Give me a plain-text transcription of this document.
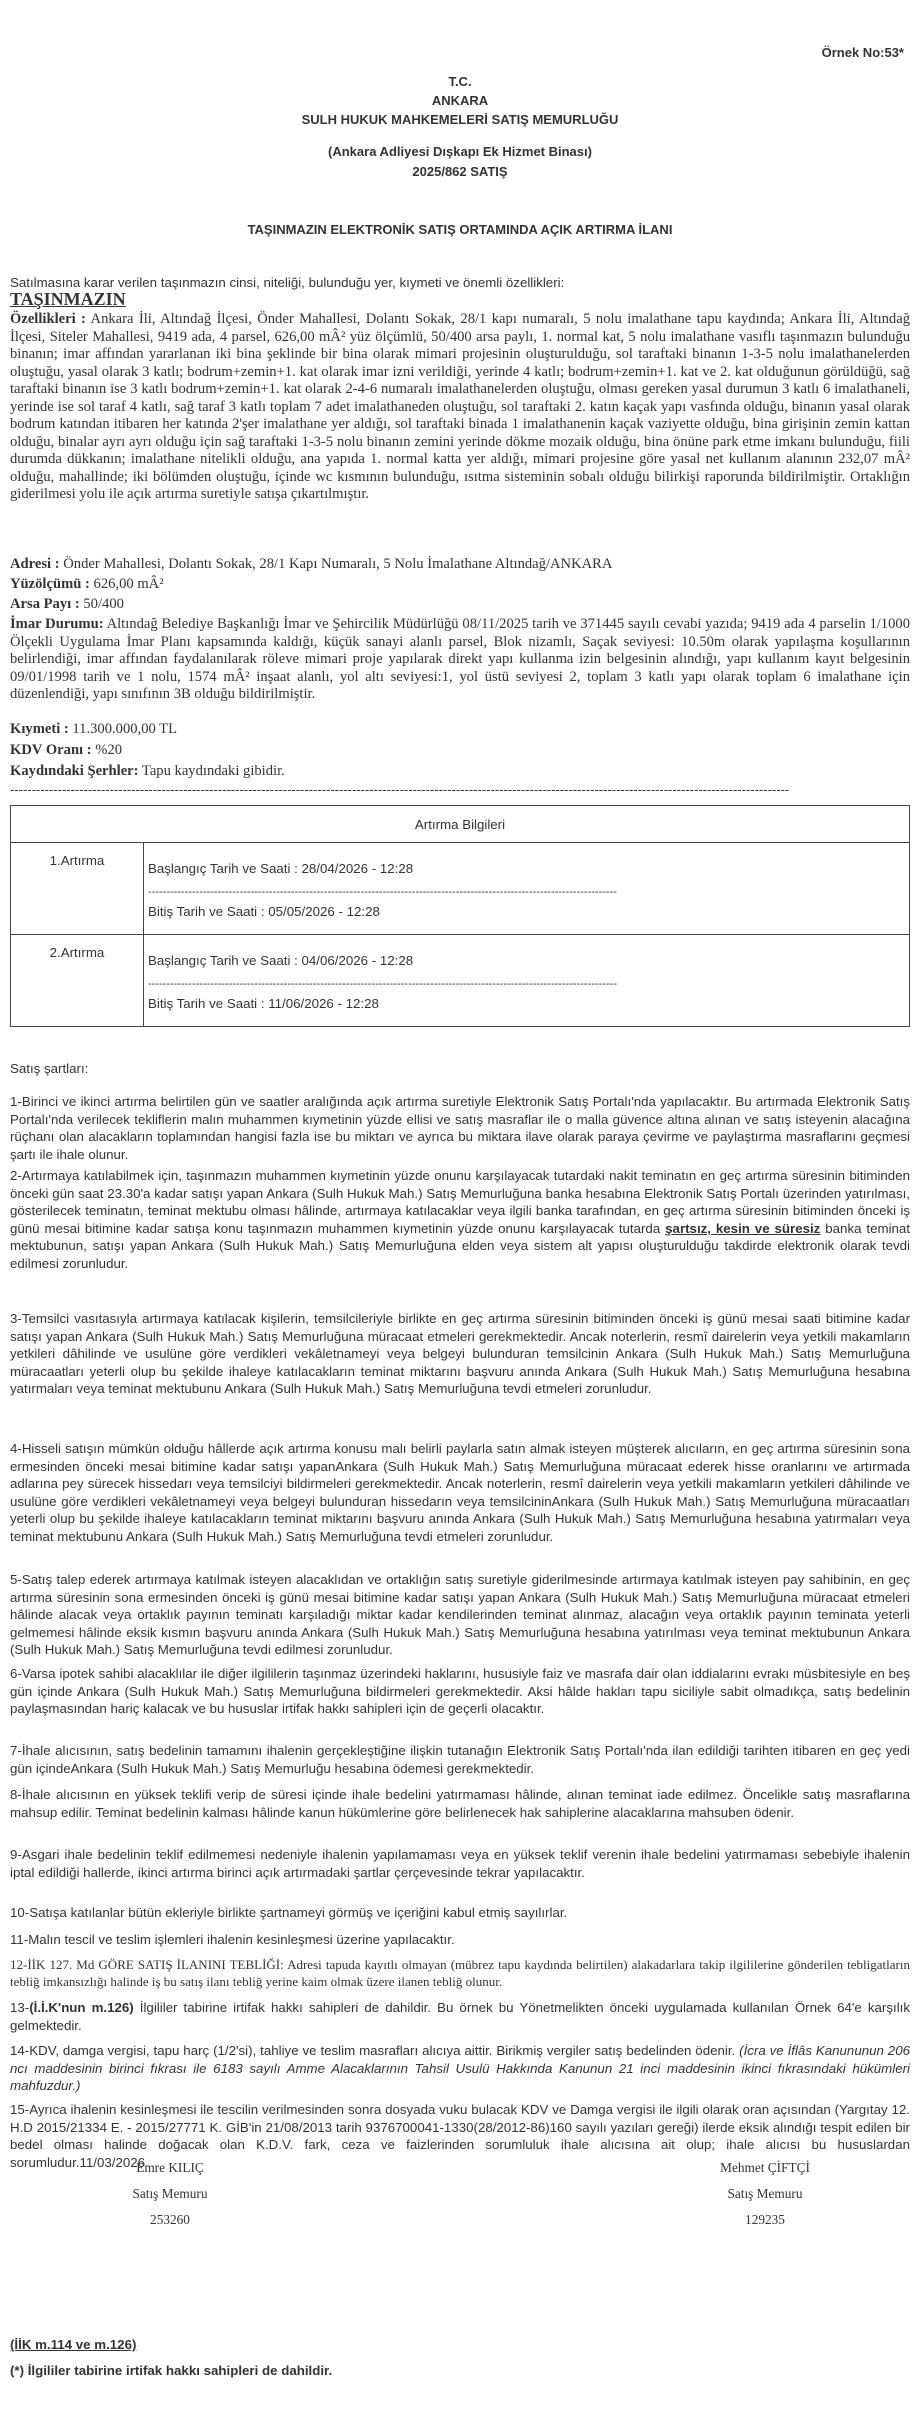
Örnek No:53*
T.C.
ANKARA
SULH HUKUK MAHKEMELERİ SATIŞ MEMURLUĞU
(Ankara Adliyesi Dışkapı Ek Hizmet Binası)
2025/862 SATIŞ
TAŞINMAZIN ELEKTRONİK SATIŞ ORTAMINDA AÇIK ARTIRMA İLANI
Satılmasına karar verilen taşınmazın cinsi, niteliği, bulunduğu yer, kıymeti ve önemli özellikleri:
TAŞINMAZIN
Özellikleri : Ankara İli, Altındağ İlçesi, Önder Mahallesi, Dolantı Sokak, 28/1 kapı numaralı, 5 nolu imalathane tapu kaydında; Ankara İli, Altındağ İlçesi, Siteler Mahallesi, 9419 ada, 4 parsel, 626,00 mÂ² yüz ölçümlü, 50/400 arsa paylı, 1. normal kat, 5 nolu imalathane vasıflı taşınmazın bulunduğu binanın; imar affından yararlanan iki bina şeklinde bir bina olarak mimari projesinin oluşturulduğu, sol taraftaki binanın 1-3-5 nolu imalathanelerden oluştuğu, yasal olarak 3 katlı; bodrum+zemin+1. kat olarak imar izni verildiği, yerinde 4 katlı; bodrum+zemin+1. kat ve 2. kat olduğunun görüldüğü, sağ taraftaki binanın ise 3 katlı bodrum+zemin+1. kat olarak 2-4-6 numaralı imalathanelerden oluştuğu, olması gereken yasal durumun 3 katlı 6 imalathaneli, yerinde ise sol taraf 4 katlı, sağ taraf 3 katlı toplam 7 adet imalathaneden oluştuğu, sol taraftaki 2. katın kaçak yapı vasfında olduğu, binanın yasal olarak bodrum katından itibaren her katında 2'şer imalathane yer aldığı, sol taraftaki binada 1 imalathanenin kaçak vaziyette olduğu, bina girişinin zemin kattan olduğu, binalar ayrı ayrı olduğu için sağ taraftaki 1-3-5 nolu binanın zemini yerinde dökme mozaik olduğu, bina önüne park etme imkanı bulunduğu, fiili durumda dükkanın; imalathane nitelikli olduğu, ana yapıda 1. normal katta yer aldığı, mimari projesine göre yasal net kullanım alanının 232,07 mÂ² olduğu, mahallinde; iki bölümden oluştuğu, içinde wc kısmının bulunduğu, ısıtma sisteminin sobalı olduğu bilirkişi raporunda bildirilmiştir. Ortaklığın giderilmesi yolu ile açık artırma suretiyle satışa çıkartılmıştır.
Adresi : Önder Mahallesi, Dolantı Sokak, 28/1 Kapı Numaralı, 5 Nolu İmalathane Altındağ/ANKARA
Yüzölçümü : 626,00 mÂ²
Arsa Payı : 50/400
İmar Durumu: Altındağ Belediye Başkanlığı İmar ve Şehircilik Müdürlüğü 08/11/2025 tarih ve 371445 sayılı cevabi yazıda; 9419 ada 4 parselin 1/1000 Ölçekli Uygulama İmar Planı kapsamında kaldığı, küçük sanayi alanlı parsel, Blok nizamlı, Saçak seviyesi: 10.50m olarak yapılaşma koşullarının belirlendiği, imar affından faydalanılarak röleve mimari proje yapılarak direkt yapı kullanma izin belgesinin alındığı, yapı kullanım kayıt belgesinin 09/01/1998 tarih ve 1 nolu, 1574 mÂ² inşaat alanlı, yol altı seviyesi:1, yol üstü seviyesi 2, toplam 3 katlı yapı olarak toplam 6 imalathane için düzenlendiği, yapı sınıfının 3B olduğu bildirilmiştir.
Kıymeti : 11.300.000,00 TL
KDV Oranı : %20
Kaydındaki Şerhler: Tapu kaydındaki gibidir.
------------------------------------------------------------------------------------------------------------------------------------------------------------------------------------
Artırma Bilgileri	
1.Artırma	Başlangıç Tarih ve Saati : 28/04/2026 - 12:28
--------------------------------------------------------------------------------------------------------------------------------
Bitiş Tarih ve Saati : 05/05/2026 - 12:28

2.Artırma	Başlangıç Tarih ve Saati : 04/06/2026 - 12:28
--------------------------------------------------------------------------------------------------------------------------------
Bitiş Tarih ve Saati : 11/06/2026 - 12:28
Satış şartları:
1-Birinci ve ikinci artırma belirtilen gün ve saatler aralığında açık artırma suretiyle Elektronik Satış Portalı'nda yapılacaktır. Bu artırmada Elektronik Satış Portalı'nda verilecek tekliflerin malın muhammen kıymetinin yüzde ellisi ve satış masraflar ile o malla güvence altına alınan ve satış isteyenin alacağına rüçhanı olan alacakların toplamından hangisi fazla ise bu miktarı ve ayrıca bu miktara ilave olarak paraya çevirme ve paylaştırma masraflarını geçmesi şartı ile ihale olunur.
2-Artırmaya katılabilmek için, taşınmazın muhammen kıymetinin yüzde onunu karşılayacak tutardaki nakit teminatın en geç artırma süresinin bitiminden önceki gün saat 23.30'a kadar satışı yapan Ankara (Sulh Hukuk Mah.) Satış Memurluğuna banka hesabına Elektronik Satış Portalı üzerinden yatırılması, gösterilecek teminatın, teminat mektubu olması hâlinde, artırmaya katılacaklar veya ilgili banka tarafından, en geç artırma süresinin bitiminden önceki iş günü mesai bitimine kadar satışa konu taşınmazın muhammen kıymetinin yüzde onunu karşılayacak tutarda şartsız, kesin ve süresiz banka teminat mektubunun, satışı yapan Ankara (Sulh Hukuk Mah.) Satış Memurluğuna elden veya sistem alt yapısı oluşturulduğu takdirde elektronik olarak tevdi edilmesi zorunludur.
3-Temsilci vasıtasıyla artırmaya katılacak kişilerin, temsilcileriyle birlikte en geç artırma süresinin bitiminden önceki iş günü mesai saati bitimine kadar satışı yapan Ankara (Sulh Hukuk Mah.) Satış Memurluğuna müracaat etmeleri gerekmektedir. Ancak noterlerin, resmî dairelerin veya yetkili makamların yetkileri dâhilinde ve usulüne göre verdikleri vekâletnameyi veya belgeyi bulunduran temsilcinin Ankara (Sulh Hukuk Mah.) Satış Memurluğuna müracaatları yeterli olup bu şekilde ihaleye katılacakların teminat miktarını başvuru anında Ankara (Sulh Hukuk Mah.) Satış Memurluğuna hesabına yatırmaları veya teminat mektubunu Ankara (Sulh Hukuk Mah.) Satış Memurluğuna tevdi etmeleri zorunludur.
4-Hisseli satışın mümkün olduğu hâllerde açık artırma konusu malı belirli paylarla satın almak isteyen müşterek alıcıların, en geç artırma süresinin sona ermesinden önceki mesai bitimine kadar satışı yapanAnkara (Sulh Hukuk Mah.) Satış Memurluğuna müracaat ederek hisse oranlarını ve artırmada adlarına pey sürecek hissedarı veya temsilciyi bildirmeleri gerekmektedir. Ancak noterlerin, resmî dairelerin veya yetkili makamların yetkileri dâhilinde ve usulüne göre verdikleri vekâletnameyi veya belgeyi bulunduran hissedarın veya temsilcininAnkara (Sulh Hukuk Mah.) Satış Memurluğuna müracaatları yeterli olup bu şekilde ihaleye katılacakların teminat miktarını başvuru anında Ankara (Sulh Hukuk Mah.) Satış Memurluğuna hesabına yatırmaları veya teminat mektubunu Ankara (Sulh Hukuk Mah.) Satış Memurluğuna tevdi etmeleri zorunludur.
5-Satış talep ederek artırmaya katılmak isteyen alacaklıdan ve ortaklığın satış suretiyle giderilmesinde artırmaya katılmak isteyen pay sahibinin, en geç artırma süresinin sona ermesinden önceki iş günü mesai bitimine kadar satışı yapan Ankara (Sulh Hukuk Mah.) Satış Memurluğuna müracaat etmeleri hâlinde alacak veya ortaklık payının teminatı karşıladığı miktar kadar kendilerinden teminat alınmaz, alacağın veya ortaklık payının teminata yeterli gelmemesi hâlinde eksik kısmın başvuru anında Ankara (Sulh Hukuk Mah.) Satış Memurluğuna hesabına yatırılması veya teminat mektubunun Ankara (Sulh Hukuk Mah.) Satış Memurluğuna tevdi edilmesi zorunludur.
6-Varsa ipotek sahibi alacaklılar ile diğer ilgililerin taşınmaz üzerindeki haklarını, hususiyle faiz ve masrafa dair olan iddialarını evrakı müsbitesiyle en beş gün içinde Ankara (Sulh Hukuk Mah.) Satış Memurluğuna bildirmeleri gerekmektedir. Aksi hâlde hakları tapu siciliyle sabit olmadıkça, satış bedelinin paylaşmasından hariç kalacak ve bu hususlar irtifak hakkı sahipleri için de geçerli olacaktır.
7-İhale alıcısının, satış bedelinin tamamını ihalenin gerçekleştiğine ilişkin tutanağın Elektronik Satış Portalı'nda ilan edildiği tarihten itibaren en geç yedi gün içindeAnkara (Sulh Hukuk Mah.) Satış Memurluğu hesabına ödemesi gerekmektedir.
8-İhale alıcısının en yüksek teklifi verip de süresi içinde ihale bedelini yatırmaması hâlinde, alınan teminat iade edilmez. Öncelikle satış masraflarına mahsup edilir. Teminat bedelinin kalması hâlinde kanun hükümlerine göre belirlenecek hak sahiplerine alacaklarına mahsuben ödenir.
9-Asgari ihale bedelinin teklif edilmemesi nedeniyle ihalenin yapılamaması veya en yüksek teklif verenin ihale bedelini yatırmaması sebebiyle ihalenin iptal edildiği hallerde, ikinci artırma birinci açık artırmadaki şartlar çerçevesinde tekrar yapılacaktır.
10-Satışa katılanlar bütün ekleriyle birlikte şartnameyi görmüş ve içeriğini kabul etmiş sayılırlar.
11-Malın tescil ve teslim işlemleri ihalenin kesinleşmesi üzerine yapılacaktır.
12-İİK 127. Md GÖRE SATIŞ İLANINI TEBLİĞİ: Adresi tapuda kayıtlı olmayan (mübrez tapu kaydında belirtilen) alakadarlara takip ilgililerine gönderilen tebligatların tebliğ imkansızlığı halinde iş bu satış ilanı tebliğ yerine kaim olmak üzere ilanen tebliğ olunur.
13-(İ.İ.K'nun m.126) İlgililer tabirine irtifak hakkı sahipleri de dahildir. Bu örnek bu Yönetmelikten önceki uygulamada kullanılan Örnek 64'e karşılık gelmektedir.
14-KDV, damga vergisi, tapu harç (1/2'si), tahliye ve teslim masrafları alıcıya aittir. Birikmiş vergiler satış bedelinden ödenir. (İcra ve İflâs Kanununun 206 ncı maddesinin birinci fıkrası ile 6183 sayılı Amme Alacaklarının Tahsil Usulü Hakkında Kanunun 21 inci maddesinin ikinci fıkrasındaki hükümleri mahfuzdur.)
15-Ayrıca ihalenin kesinleşmesi ile tescilin verilmesinden sonra dosyada vuku bulacak KDV ve Damga vergisi ile ilgili olarak oran açısından (Yargıtay 12. H.D 2015/21334 E. - 2015/27771 K. GİB'in 21/08/2013 tarih 9376700041-1330(28/2012-86)160 sayılı yazıları gereği) ilerde eksik alındığı tespit edilen bir bedel olması halinde doğacak olan K.D.V. fark, ceza ve faizlerinden sorumluluk ihale alıcısına ait olup; ihale alıcısı bu hususlardan sorumludur.11/03/2026
Emre KILIÇ
Satış Memuru
253260
Mehmet ÇİFTÇİ
Satış Memuru
129235
(İİK m.114 ve m.126)
(*) İlgililer tabirine irtifak hakkı sahipleri de dahildir.
